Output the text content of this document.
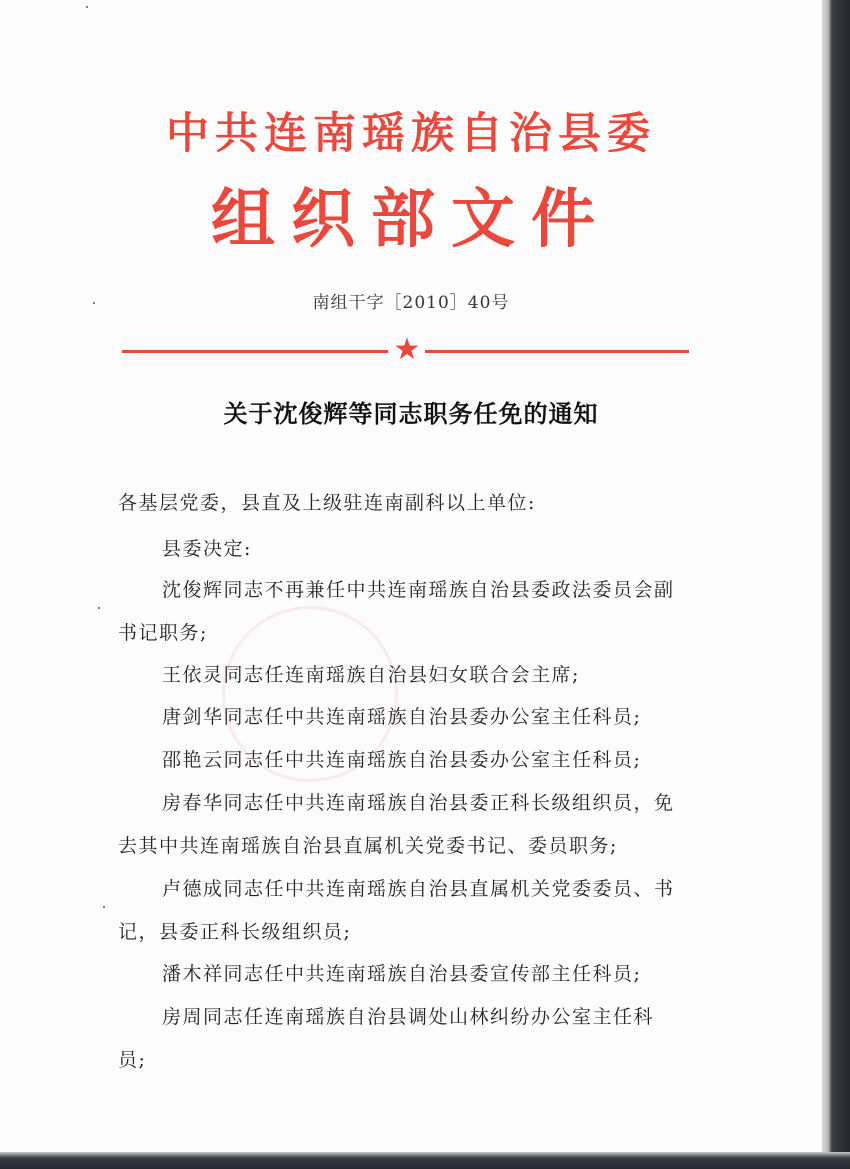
中共连南瑶族自治县委
组织部文件
南组干字［2010］40号
★
关于沈俊辉等同志职务任免的通知
各基层党委，县直及上级驻连南副科以上单位:
县委决定:
沈俊辉同志不再兼任中共连南瑶族自治县委政法委员会副
书记职务;
王依灵同志任连南瑶族自治县妇女联合会主席;
唐剑华同志任中共连南瑶族自治县委办公室主任科员;
邵艳云同志任中共连南瑶族自治县委办公室主任科员;
房春华同志任中共连南瑶族自治县委正科长级组织员，免
去其中共连南瑶族自治县直属机关党委书记、委员职务;
卢德成同志任中共连南瑶族自治县直属机关党委委员、书
记，县委正科长级组织员;
潘木祥同志任中共连南瑶族自治县委宣传部主任科员;
房周同志任连南瑶族自治县调处山林纠纷办公室主任科
员;
